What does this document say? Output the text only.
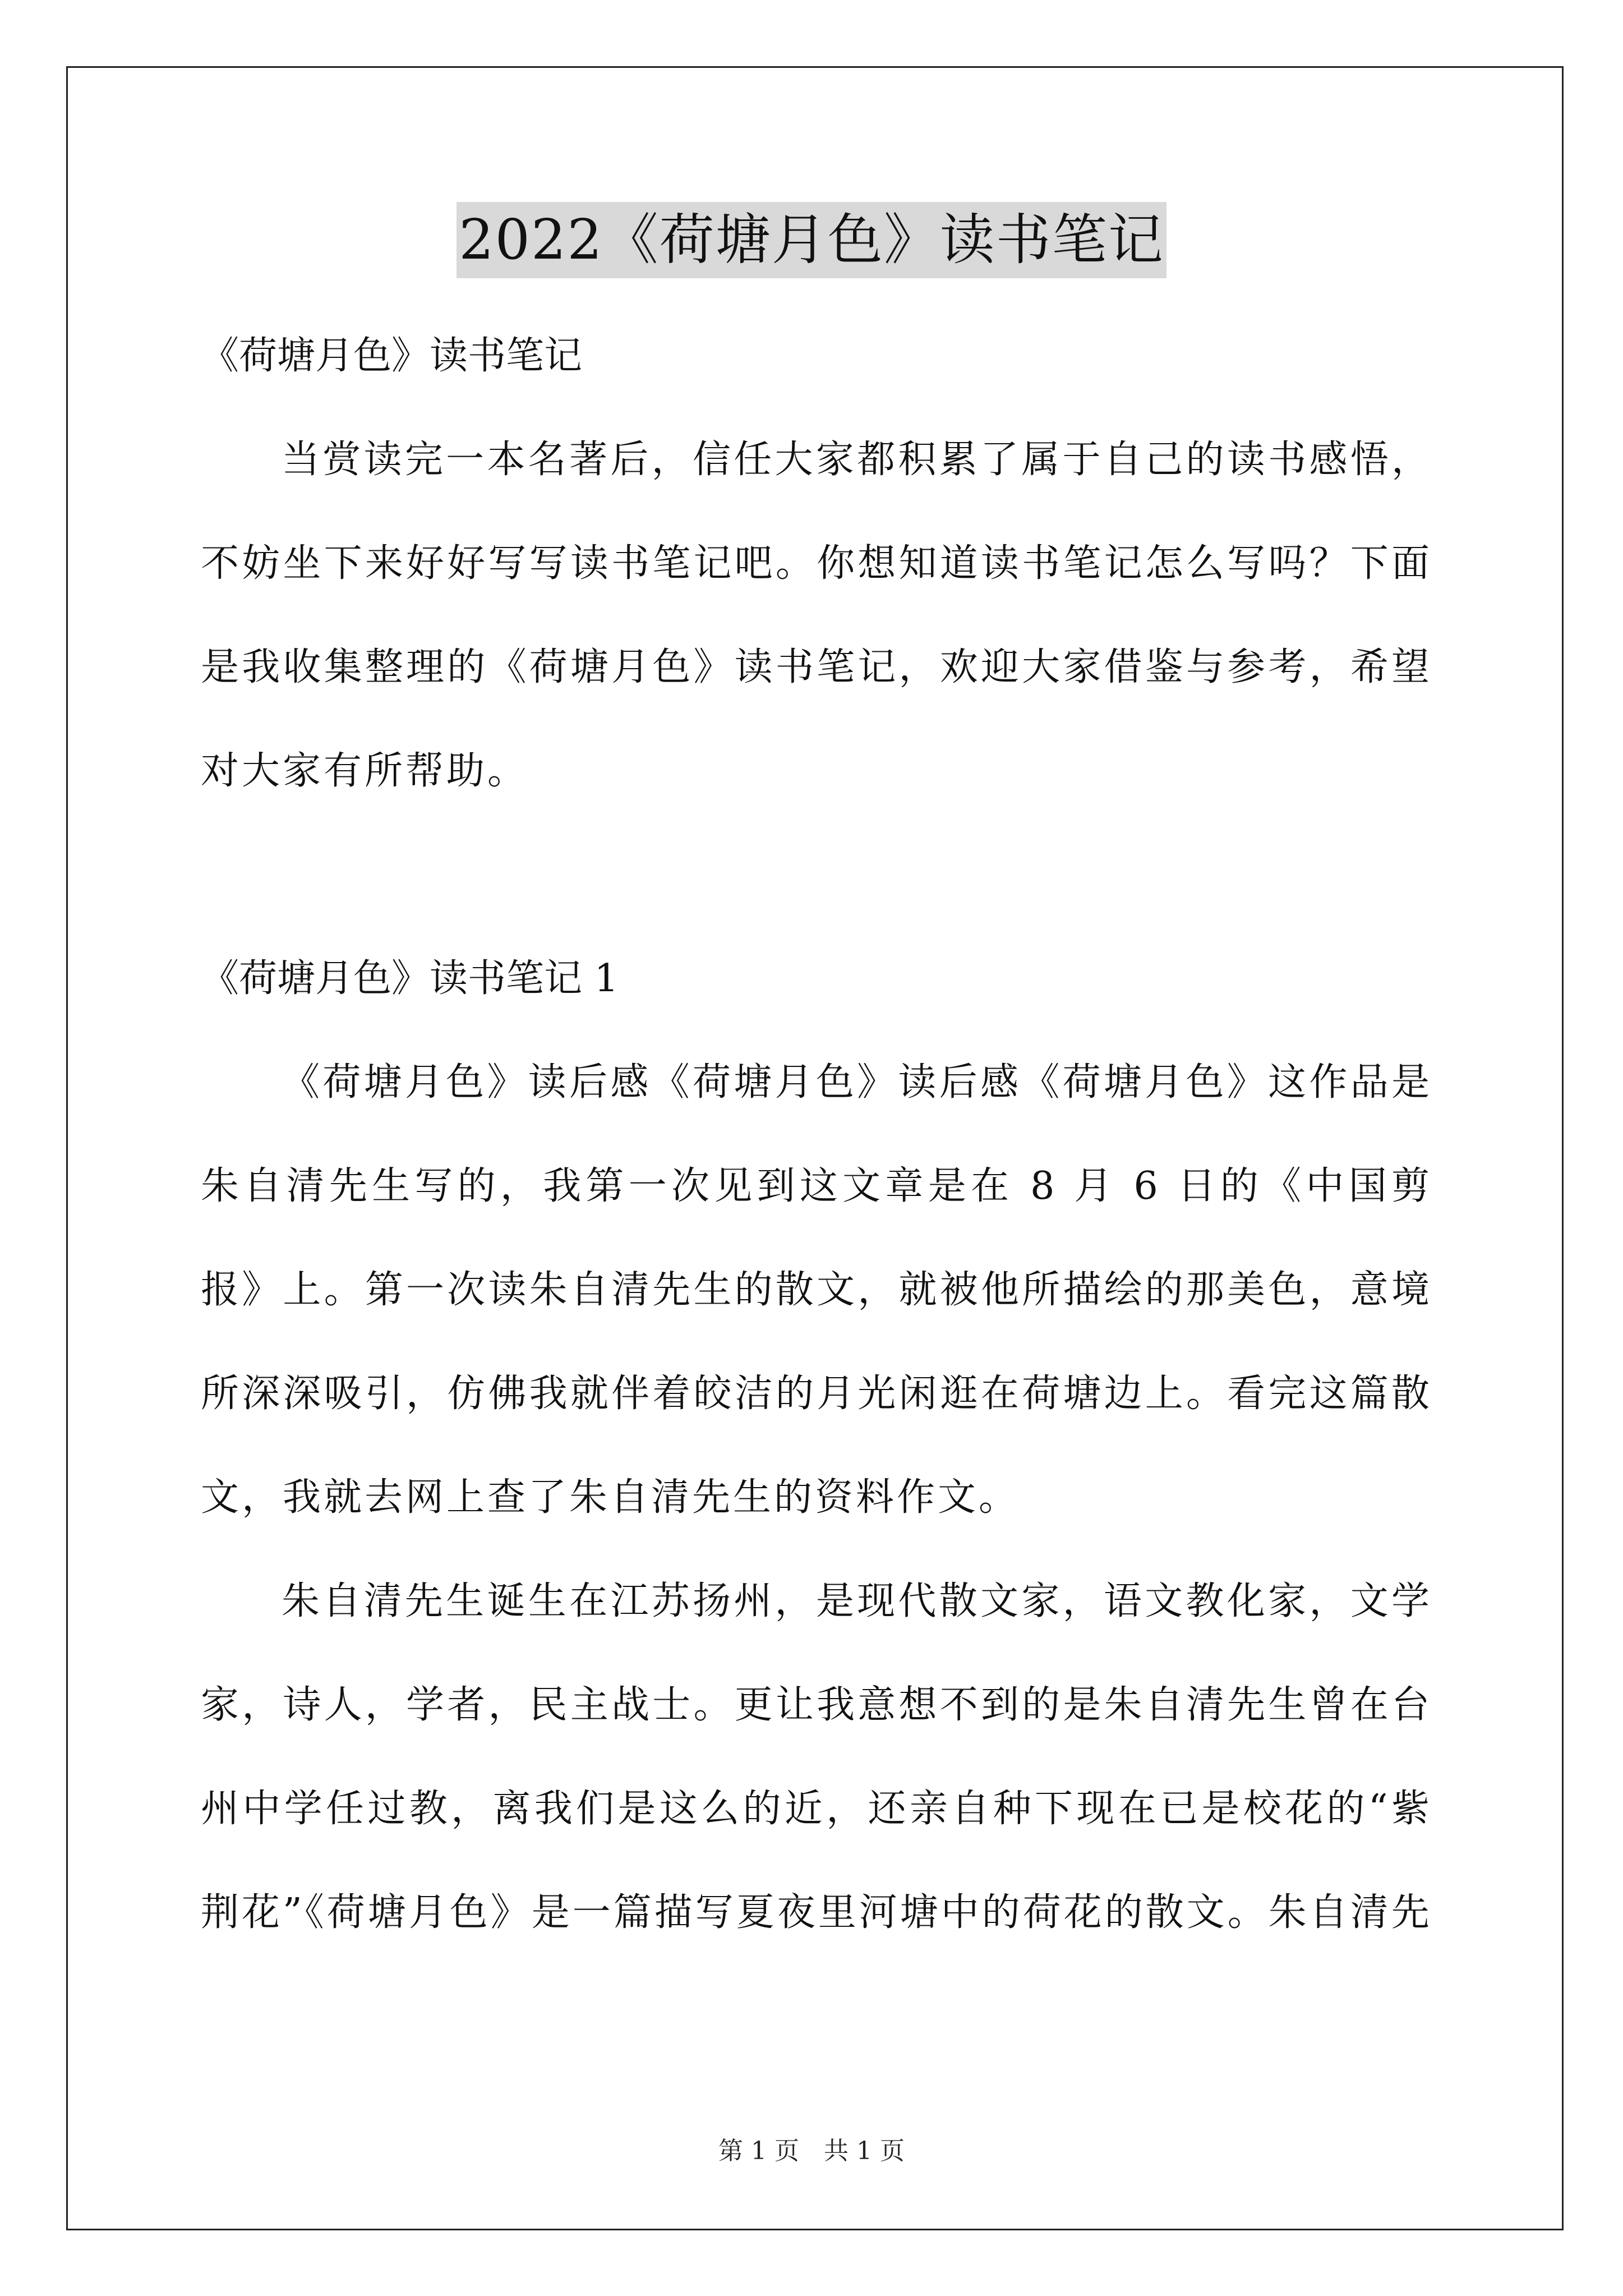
2022《荷塘月色》读书笔记

《荷塘月色》读书笔记

当赏读完一本名著后，信任大家都积累了属于自己的读书感悟，不妨坐下来好好写写读书笔记吧。你想知道读书笔记怎么写吗？下面是我收集整理的《荷塘月色》读书笔记，欢迎大家借鉴与参考，希望对大家有所帮助。

《荷塘月色》读书笔记 1

《荷塘月色》读后感《荷塘月色》读后感《荷塘月色》这作品是朱自清先生写的，我第一次见到这文章是在 8 月 6 日的《中国剪报》上。第一次读朱自清先生的散文，就被他所描绘的那美色，意境所深深吸引，仿佛我就伴着皎洁的月光闲逛在荷塘边上。看完这篇散文，我就去网上查了朱自清先生的资料作文。

朱自清先生诞生在江苏扬州，是现代散文家，语文教化家，文学家，诗人，学者，民主战士。更让我意想不到的是朱自清先生曾在台州中学任过教，离我们是这么的近，还亲自种下现在已是校花的“紫荆花”《荷塘月色》是一篇描写夏夜里河塘中的荷花的散文。朱自清先

第 1 页 共 1 页
